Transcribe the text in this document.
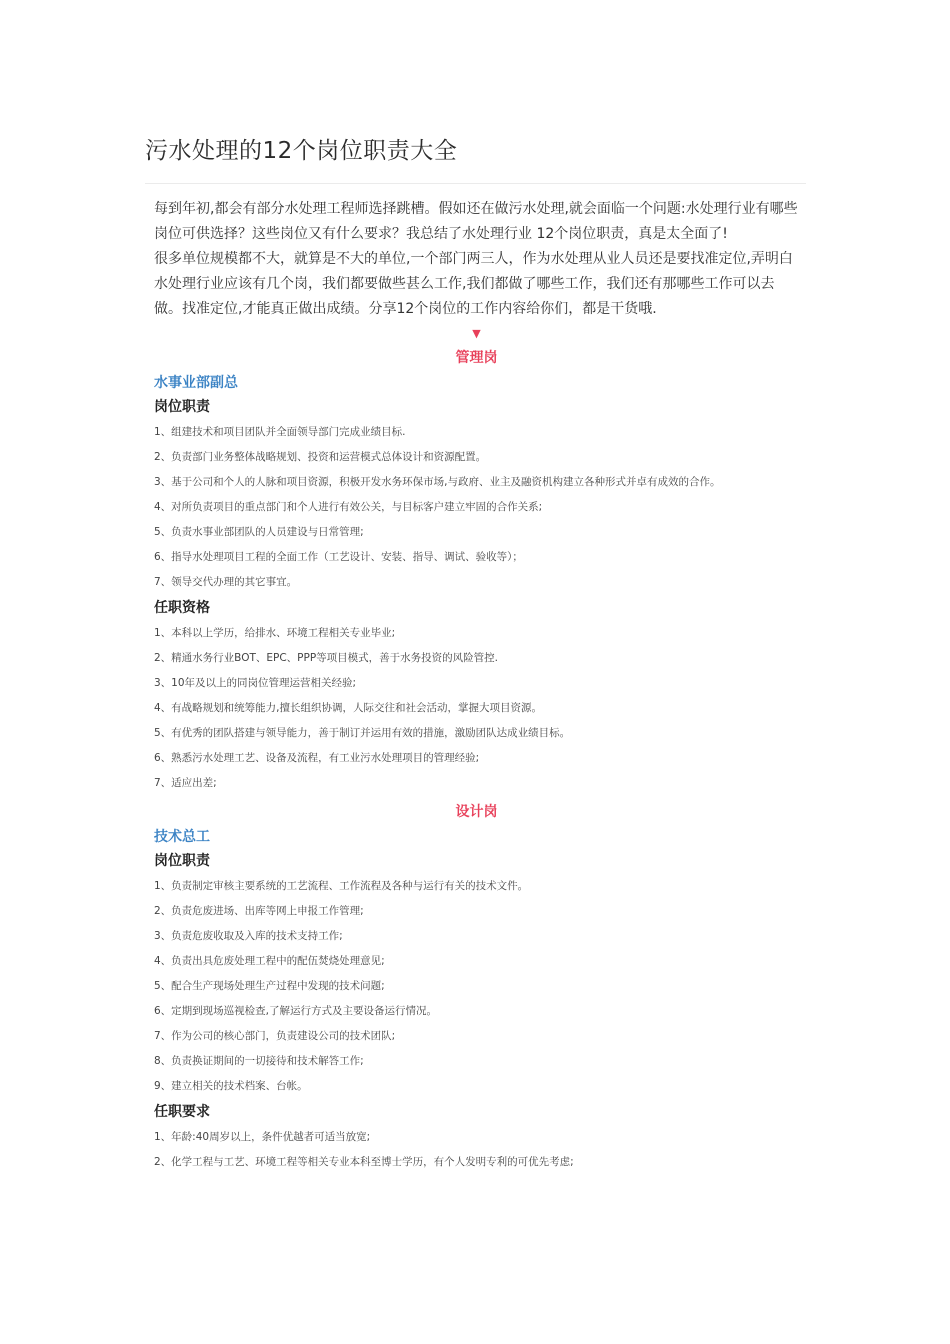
污水处理的12个岗位职责大全

每到年初,都会有部分水处理工程师选择跳槽。假如还在做污水处理,就会面临一个问题:水处理行业有哪些岗位可供选择？这些岗位又有什么要求？我总结了水处理行业 12个岗位职责，真是太全面了!

很多单位规模都不大，就算是不大的单位,一个部门两三人，作为水处理从业人员还是要找准定位,弄明白水处理行业应该有几个岗，我们都要做些甚么工作,我们都做了哪些工作，我们还有那哪些工作可以去做。找准定位,才能真正做出成绩。分享12个岗位的工作内容给你们，都是干货哦.

▼
管理岗
水事业部副总
岗位职责
1、组建技术和项目团队并全面领导部门完成业绩目标.
2、负责部门业务整体战略规划、投资和运营模式总体设计和资源配置。
3、基于公司和个人的人脉和项目资源，积极开发水务环保市场,与政府、业主及融资机构建立各种形式并卓有成效的合作。
4、对所负责项目的重点部门和个人进行有效公关，与目标客户建立牢固的合作关系;
5、负责水事业部团队的人员建设与日常管理;
6、指导水处理项目工程的全面工作（工艺设计、安装、指导、调试、验收等）；
7、领导交代办理的其它事宜。
任职资格
1、本科以上学历，给排水、环境工程相关专业毕业;
2、精通水务行业BOT、EPC、PPP等项目模式，善于水务投资的风险管控.
3、10年及以上的同岗位管理运营相关经验;
4、有战略规划和统筹能力,擅长组织协调，人际交往和社会活动，掌握大项目资源。
5、有优秀的团队搭建与领导能力，善于制订并运用有效的措施，激励团队达成业绩目标。
6、熟悉污水处理工艺、设备及流程，有工业污水处理项目的管理经验;
7、适应出差;
设计岗
技术总工
岗位职责
1、负责制定审核主要系统的工艺流程、工作流程及各种与运行有关的技术文件。
2、负责危废进场、出库等网上申报工作管理;
3、负责危废收取及入库的技术支持工作;
4、负责出具危废处理工程中的配伍焚烧处理意见;
5、配合生产现场处理生产过程中发现的技术问题;
6、定期到现场巡视检查,了解运行方式及主要设备运行情况。
7、作为公司的核心部门，负责建设公司的技术团队;
8、负责换证期间的一切接待和技术解答工作;
9、建立相关的技术档案、台帐。
任职要求
1、年龄:40周岁以上，条件优越者可适当放宽;
2、化学工程与工艺、环境工程等相关专业本科至博士学历，有个人发明专利的可优先考虑;
